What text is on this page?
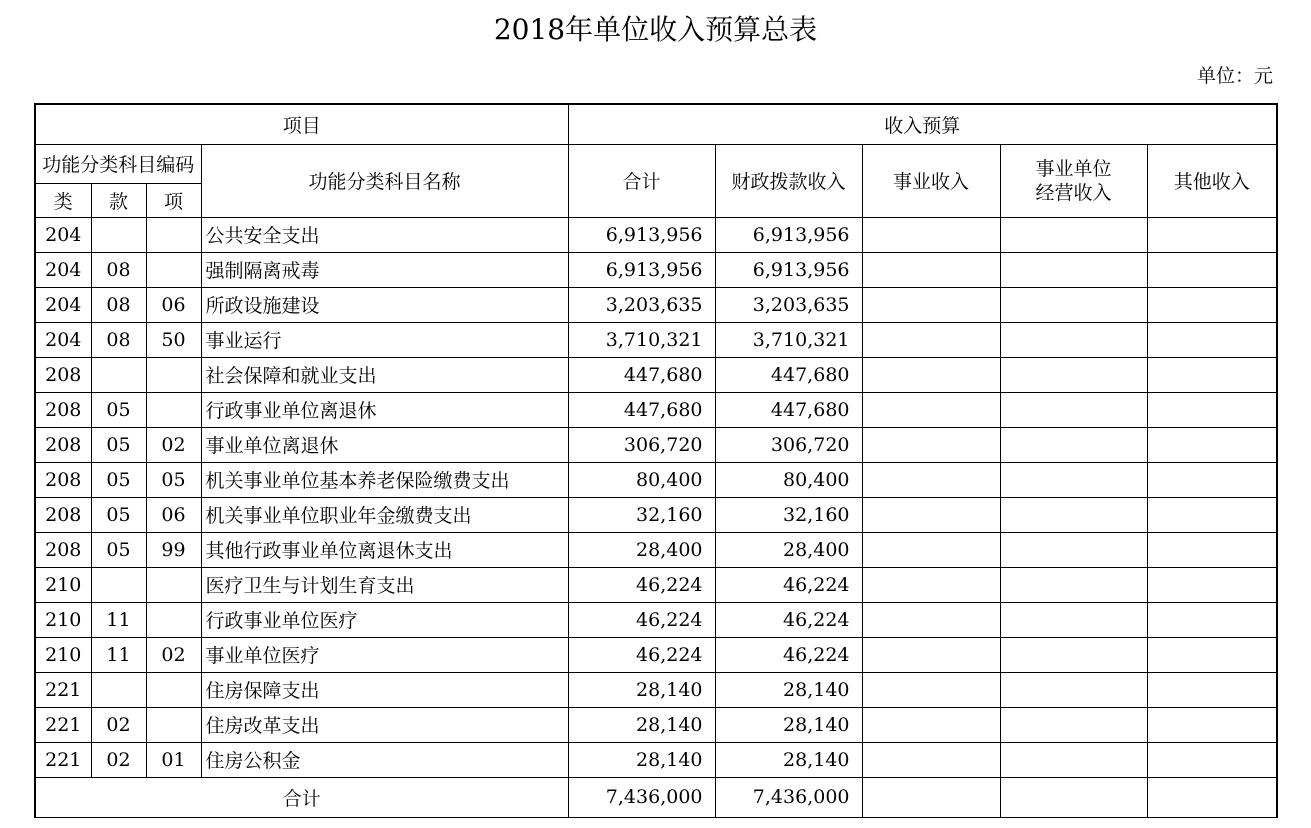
2018年单位收入预算总表
单位：元
项目				收入预算				
功能分类科目编码			功能分类科目名称	合计	财政拨款收入	事业收入	事业单位经营收入	其他收入
类	款	项						
204			公共安全支出	6,913,956	6,913,956			
204	08		强制隔离戒毒	6,913,956	6,913,956			
204	08	06	所政设施建设	3,203,635	3,203,635			
204	08	50	事业运行	3,710,321	3,710,321			
208			社会保障和就业支出	447,680	447,680			
208	05		行政事业单位离退休	447,680	447,680			
208	05	02	事业单位离退休	306,720	306,720			
208	05	05	机关事业单位基本养老保险缴费支出	80,400	80,400			
208	05	06	机关事业单位职业年金缴费支出	32,160	32,160			
208	05	99	其他行政事业单位离退休支出	28,400	28,400			
210			医疗卫生与计划生育支出	46,224	46,224			
210	11		行政事业单位医疗	46,224	46,224			
210	11	02	事业单位医疗	46,224	46,224			
221			住房保障支出	28,140	28,140			
221	02		住房改革支出	28,140	28,140			
221	02	01	住房公积金	28,140	28,140			
合计				7,436,000	7,436,000			
